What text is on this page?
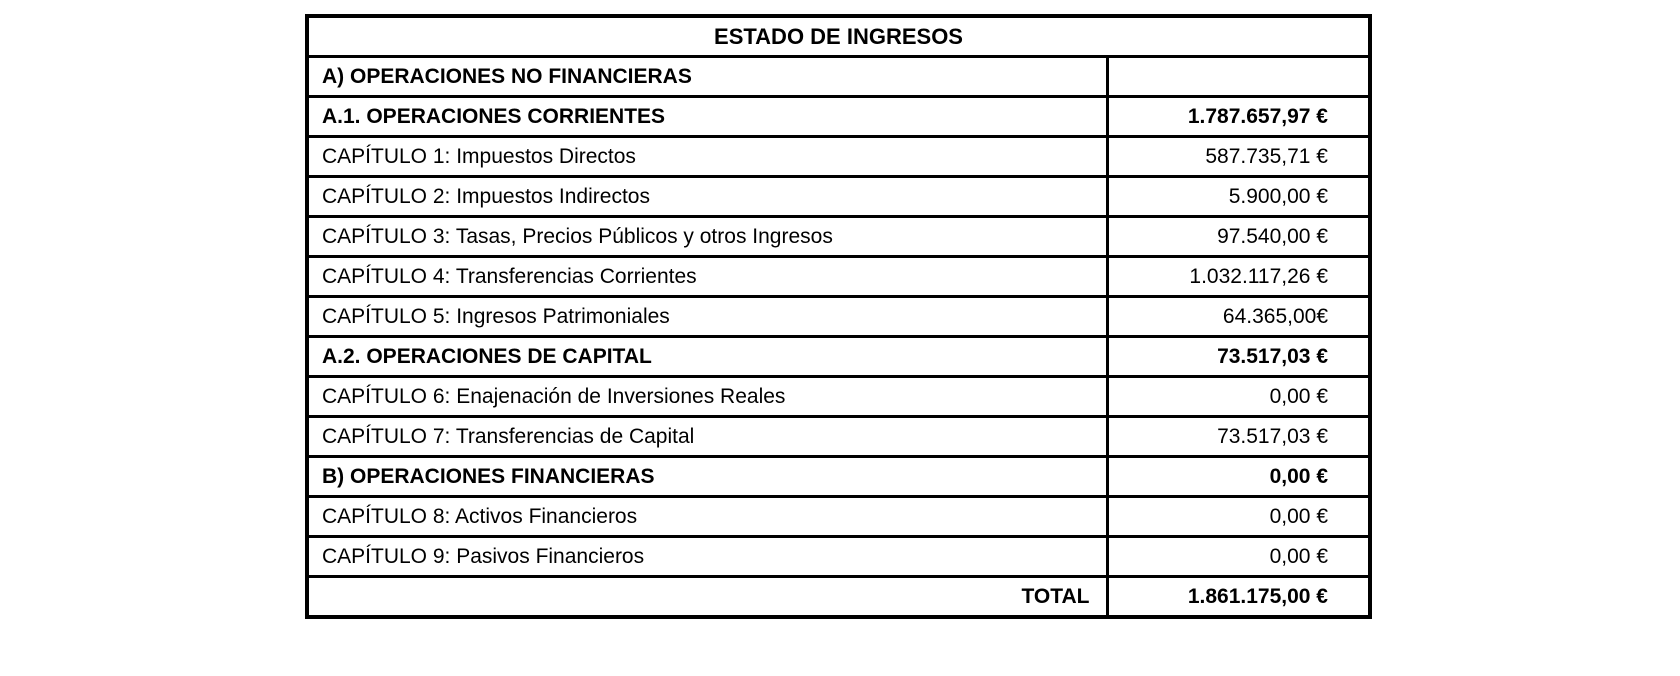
ESTADO DE INGRESOS	
A) OPERACIONES NO FINANCIERAS	
A.1. OPERACIONES CORRIENTES	1.787.657,97 €
CAPÍTULO 1: Impuestos Directos	587.735,71 €
CAPÍTULO 2: Impuestos Indirectos	5.900,00 €
CAPÍTULO 3: Tasas, Precios Públicos y otros Ingresos	97.540,00 €
CAPÍTULO 4: Transferencias Corrientes	1.032.117,26 €
CAPÍTULO 5: Ingresos Patrimoniales	64.365,00€
A.2. OPERACIONES DE CAPITAL	73.517,03 €
CAPÍTULO 6: Enajenación de Inversiones Reales	0,00 €
CAPÍTULO 7: Transferencias de Capital	73.517,03 €
B) OPERACIONES FINANCIERAS	0,00 €
CAPÍTULO 8: Activos Financieros	0,00 €
CAPÍTULO 9: Pasivos Financieros	0,00 €
TOTAL	1.861.175,00 €
